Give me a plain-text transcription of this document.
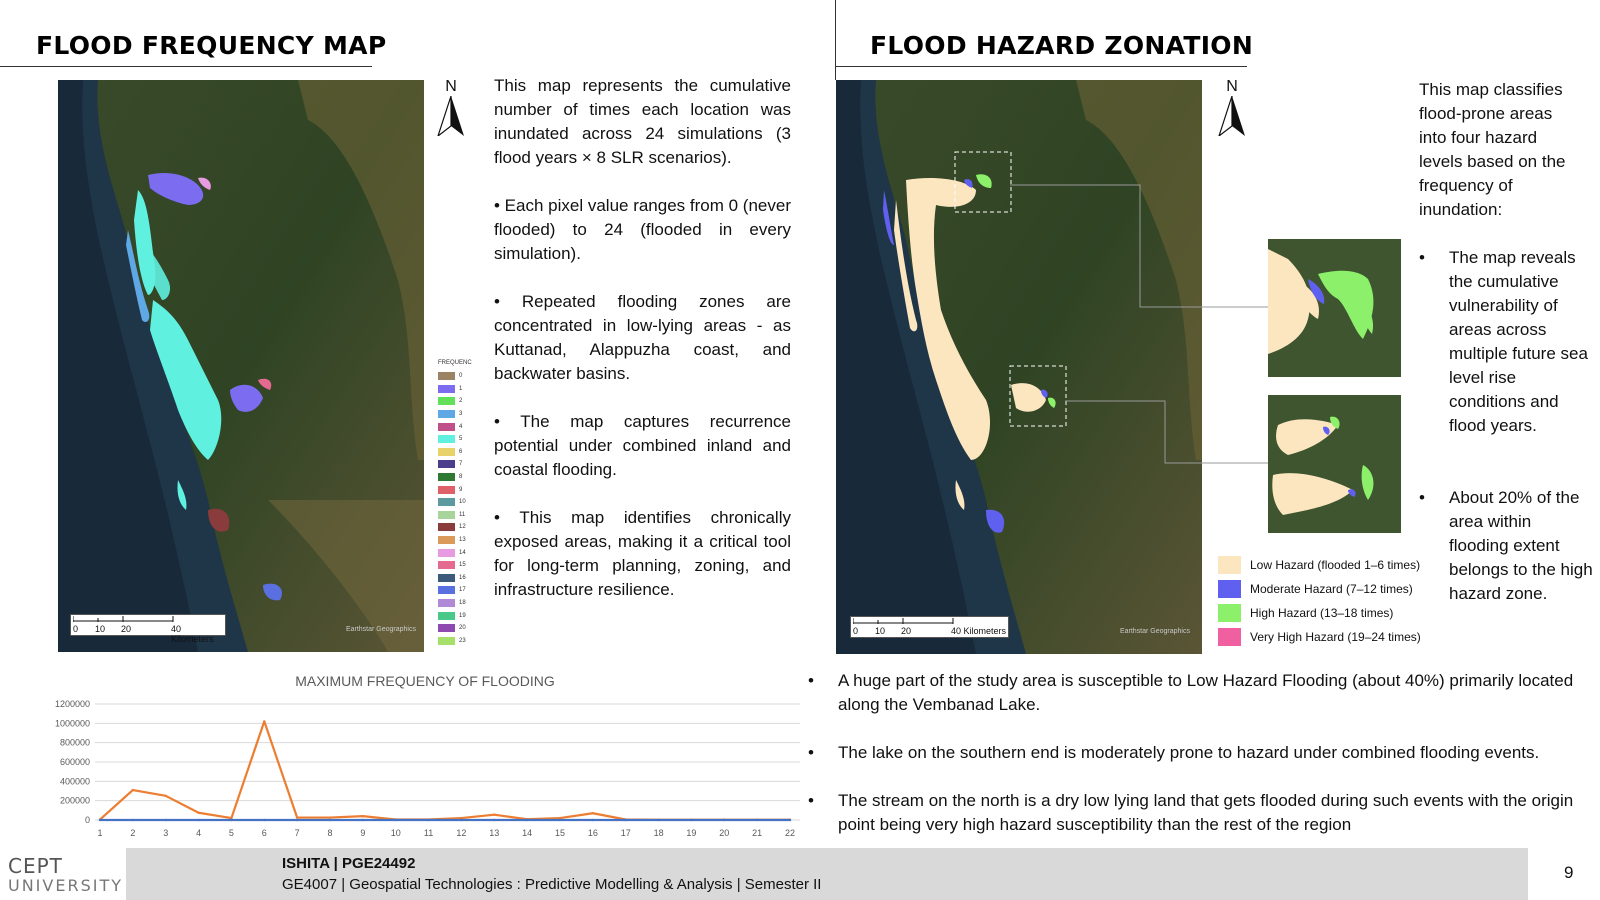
FLOOD FREQUENCY MAP
0 10 20	40 Kilometers
Earthstar Geographics
N
FREQUENC
0
1
2
3
4
5
6
7
8
9
10
11
12
13
14
15
16
17
18
19
20
23

This map represents the cumulative number of times each location was inundated across 24 simulations (3 flood years × 8 SLR scenarios).

• Each pixel value ranges from 0 (never flooded) to 24 (flooded in every simulation).

• Repeated flooding zones are concentrated in low-lying areas - as Kuttanad, Alappuzha coast, and backwater basins.

• The map captures recurrence potential under combined inland and coastal flooding.

• This map identifies chronically exposed areas, making it a critical tool for long-term planning, zoning, and infrastructure resilience.

MAXIMUM FREQUENCY OF FLOODING
0
200000
400000
600000
800000
1000000
1200000
1	2	3	4	5	6	7	8	9	10	11	12	13	14	15	16	17	18	19	20	21	22
FLOOD HAZARD ZONATION
0 10 20	40 Kilometers	Earthstar Geographics
N
Low Hazard (flooded 1–6 times)
Moderate Hazard (7–12 times)
High Hazard (13–18 times)
Very High Hazard (19–24 times)
This map classifies flood-prone areas into four hazard levels based on the frequency of inundation:
• The map reveals the cumulative vulnerability of areas across multiple future sea level rise conditions and flood years.
• About 20% of the area within flooding extent belongs to the high hazard zone.
• A huge part of the study area is susceptible to Low Hazard Flooding (about 40%) primarily located along the Vembanad Lake.
• The lake on the southern end is moderately prone to hazard under combined flooding events.
• The stream on the north is a dry low lying land that gets flooded during such events with the origin point being very high hazard susceptibility than the rest of the region
CEPT
UNIVERSITY
ISHITA | PGE24492
GE4007 | Geospatial Technologies : Predictive Modelling & Analysis | Semester II
9
